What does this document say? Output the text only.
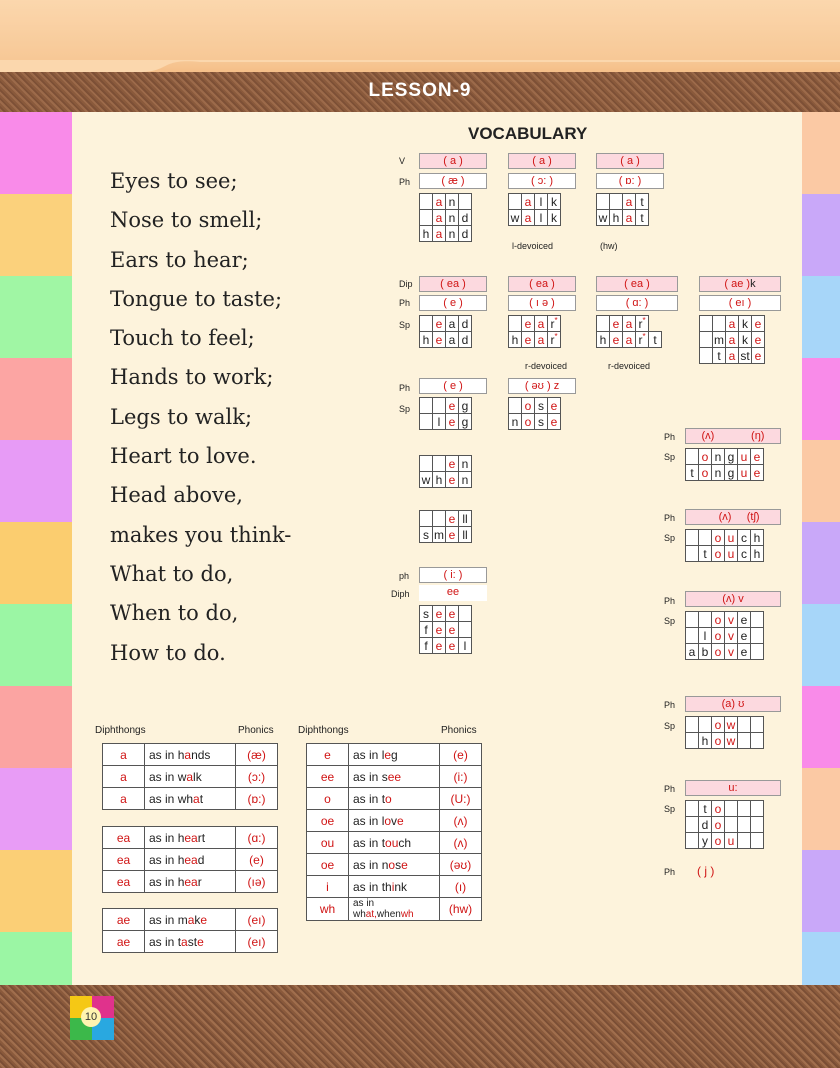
LESSON-9
Eyes to see;
Nose to smell;
Ears to hear;
Tongue to taste;
Touch to feel;
Hands to work;
Legs to walk;
Heart to love.
Head above,
makes you think-
What to do,
When to do,
How to do.
VOCABULARY
V
Ph
( a )
( æ )
	a	n	
	a	n	d
h	a	n	d
( a )
( ɔ: )
	a	l	k
w	a	l	k
l-devoiced
( a )
( ɒ: )
		a	t
w	h	a	t
(hw)
Dip
Ph
Sp
( ea )
( e )
	e	a	d
h	e	a	d
( ea )
( ı ə )
	e	a	r*
h	e	a	r*
r-devoiced
( ea )
( ɑ: )
	e	a	r*	
h	e	a	r*	t
r-devoiced
( ae )k
( eı )
		a	k	e
	m	a	k	e
	t	a	st	e
Ph
Sp
( e )
		e	g
	l	e	g
( əʊ ) z
	o	s	e
n	o	s	e
		e	n
w	h	e	n
		e	ll
s	m	e	ll
ph
Diph
( i: )
ee
s	e	e	
f	e	e	
f	e	e	l
Ph
Sp
(ʌ)	(ŋ)
	o	n	g	u	e
t	o	n	g	u	e
Ph
Sp
(ʌ) (tʃ)
		o	u	c	h
	t	o	u	c	h
Ph
Sp
(ʌ) v
		o	v	e	
	l	o	v	e	
a	b	o	v	e	
Ph
Sp
(a) ʊ
		o	w		
	h	o	w		
Ph
Sp
u:
	t	o			
	d	o			
	y	o	u		
Ph ( j )
Diphthongs	Phonics Diphthongs	Phonics
a	as in hands	(æ)
a	as in walk	(ɔ:)
a	as in what	(ɒ:)
ea	as in heart	(ɑ:)
ea	as in head	(e)
ea	as in hear	(ıə)
ae	as in make	(eı)
ae	as in taste	(eı)
e	as in leg	(e)
ee	as in see	(i:)
o	as in to	(U:)
oe	as in love	(ʌ)
ou	as in touch	(ʌ)
oe	as in nose	(əʊ)
i	as in think	(ı)
wh	as in what,whenwh	(hw)
10
